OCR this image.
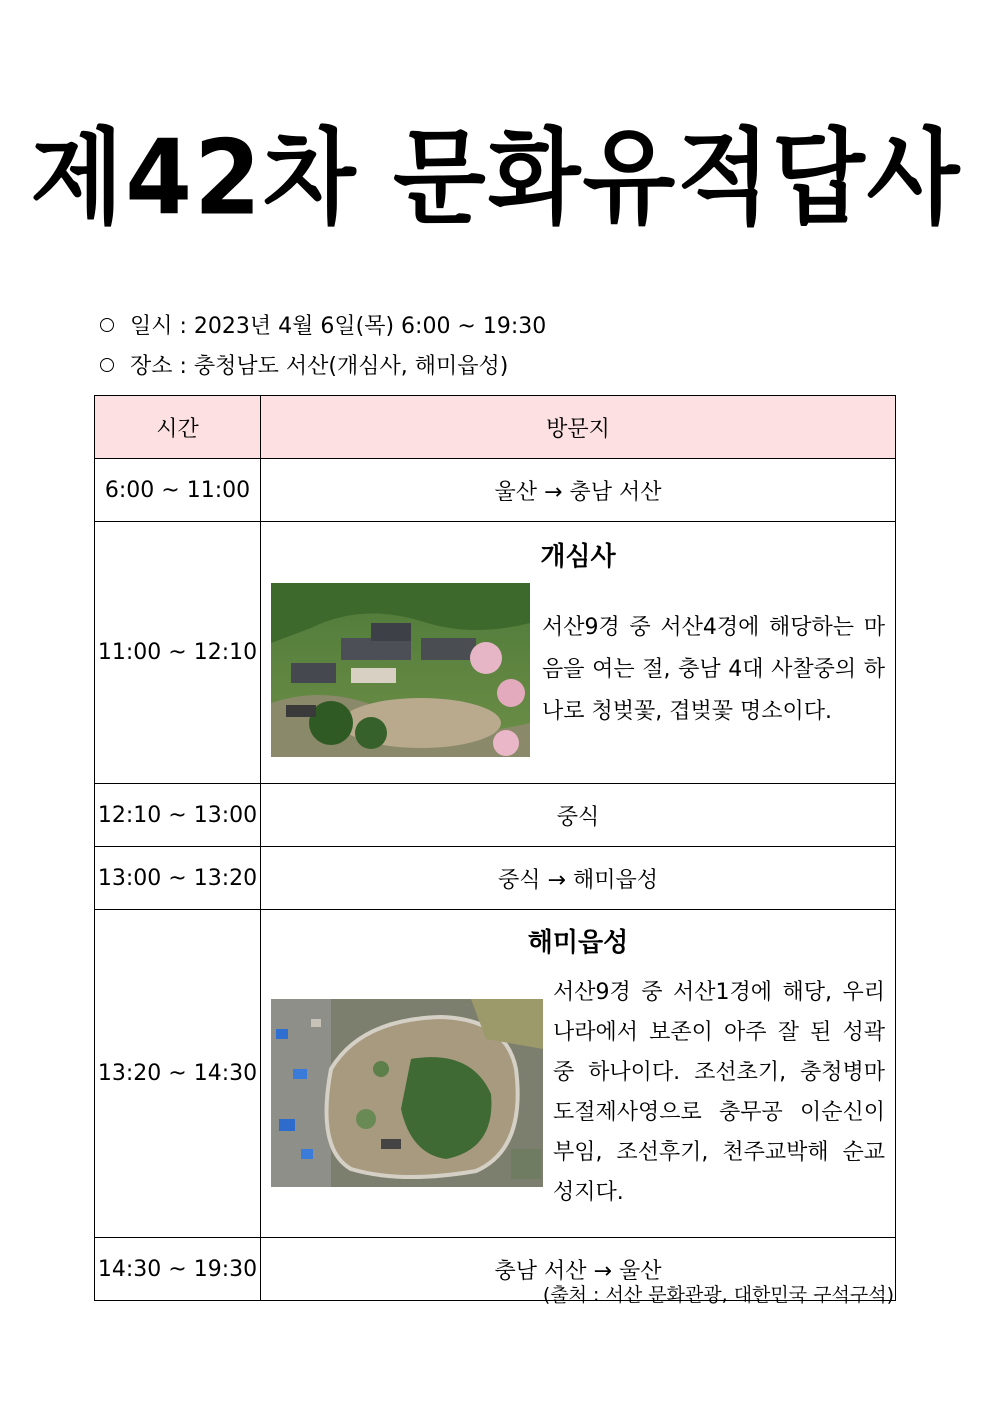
제42차 문화유적답사
일시 : 2023년 4월 6일(목) 6:00 ~ 19:30
장소 : 충청남도 서산(개심사, 해미읍성)
시간	방문지
6:00 ~ 11:00	울산 → 충남 서산
11:00 ~ 12:10	개심사
서산9경 중 서산4경에 해당하는 마음을 여는 절, 충남 4대 사찰중의 하나로 청벚꽃, 겹벚꽃 명소이다.

12:10 ~ 13:00	중식
13:00 ~ 13:20	중식 → 해미읍성
13:20 ~ 14:30	해미읍성
서산9경 중 서산1경에 해당, 우리나라에서 보존이 아주 잘 된 성곽 중 하나이다. 조선초기, 충청병마도절제사영으로 충무공 이순신이 부임, 조선후기, 천주교박해 순교성지다.

14:30 ~ 19:30	충남 서산 → 울산
(출처 : 서산 문화관광, 대한민국 구석구석)
